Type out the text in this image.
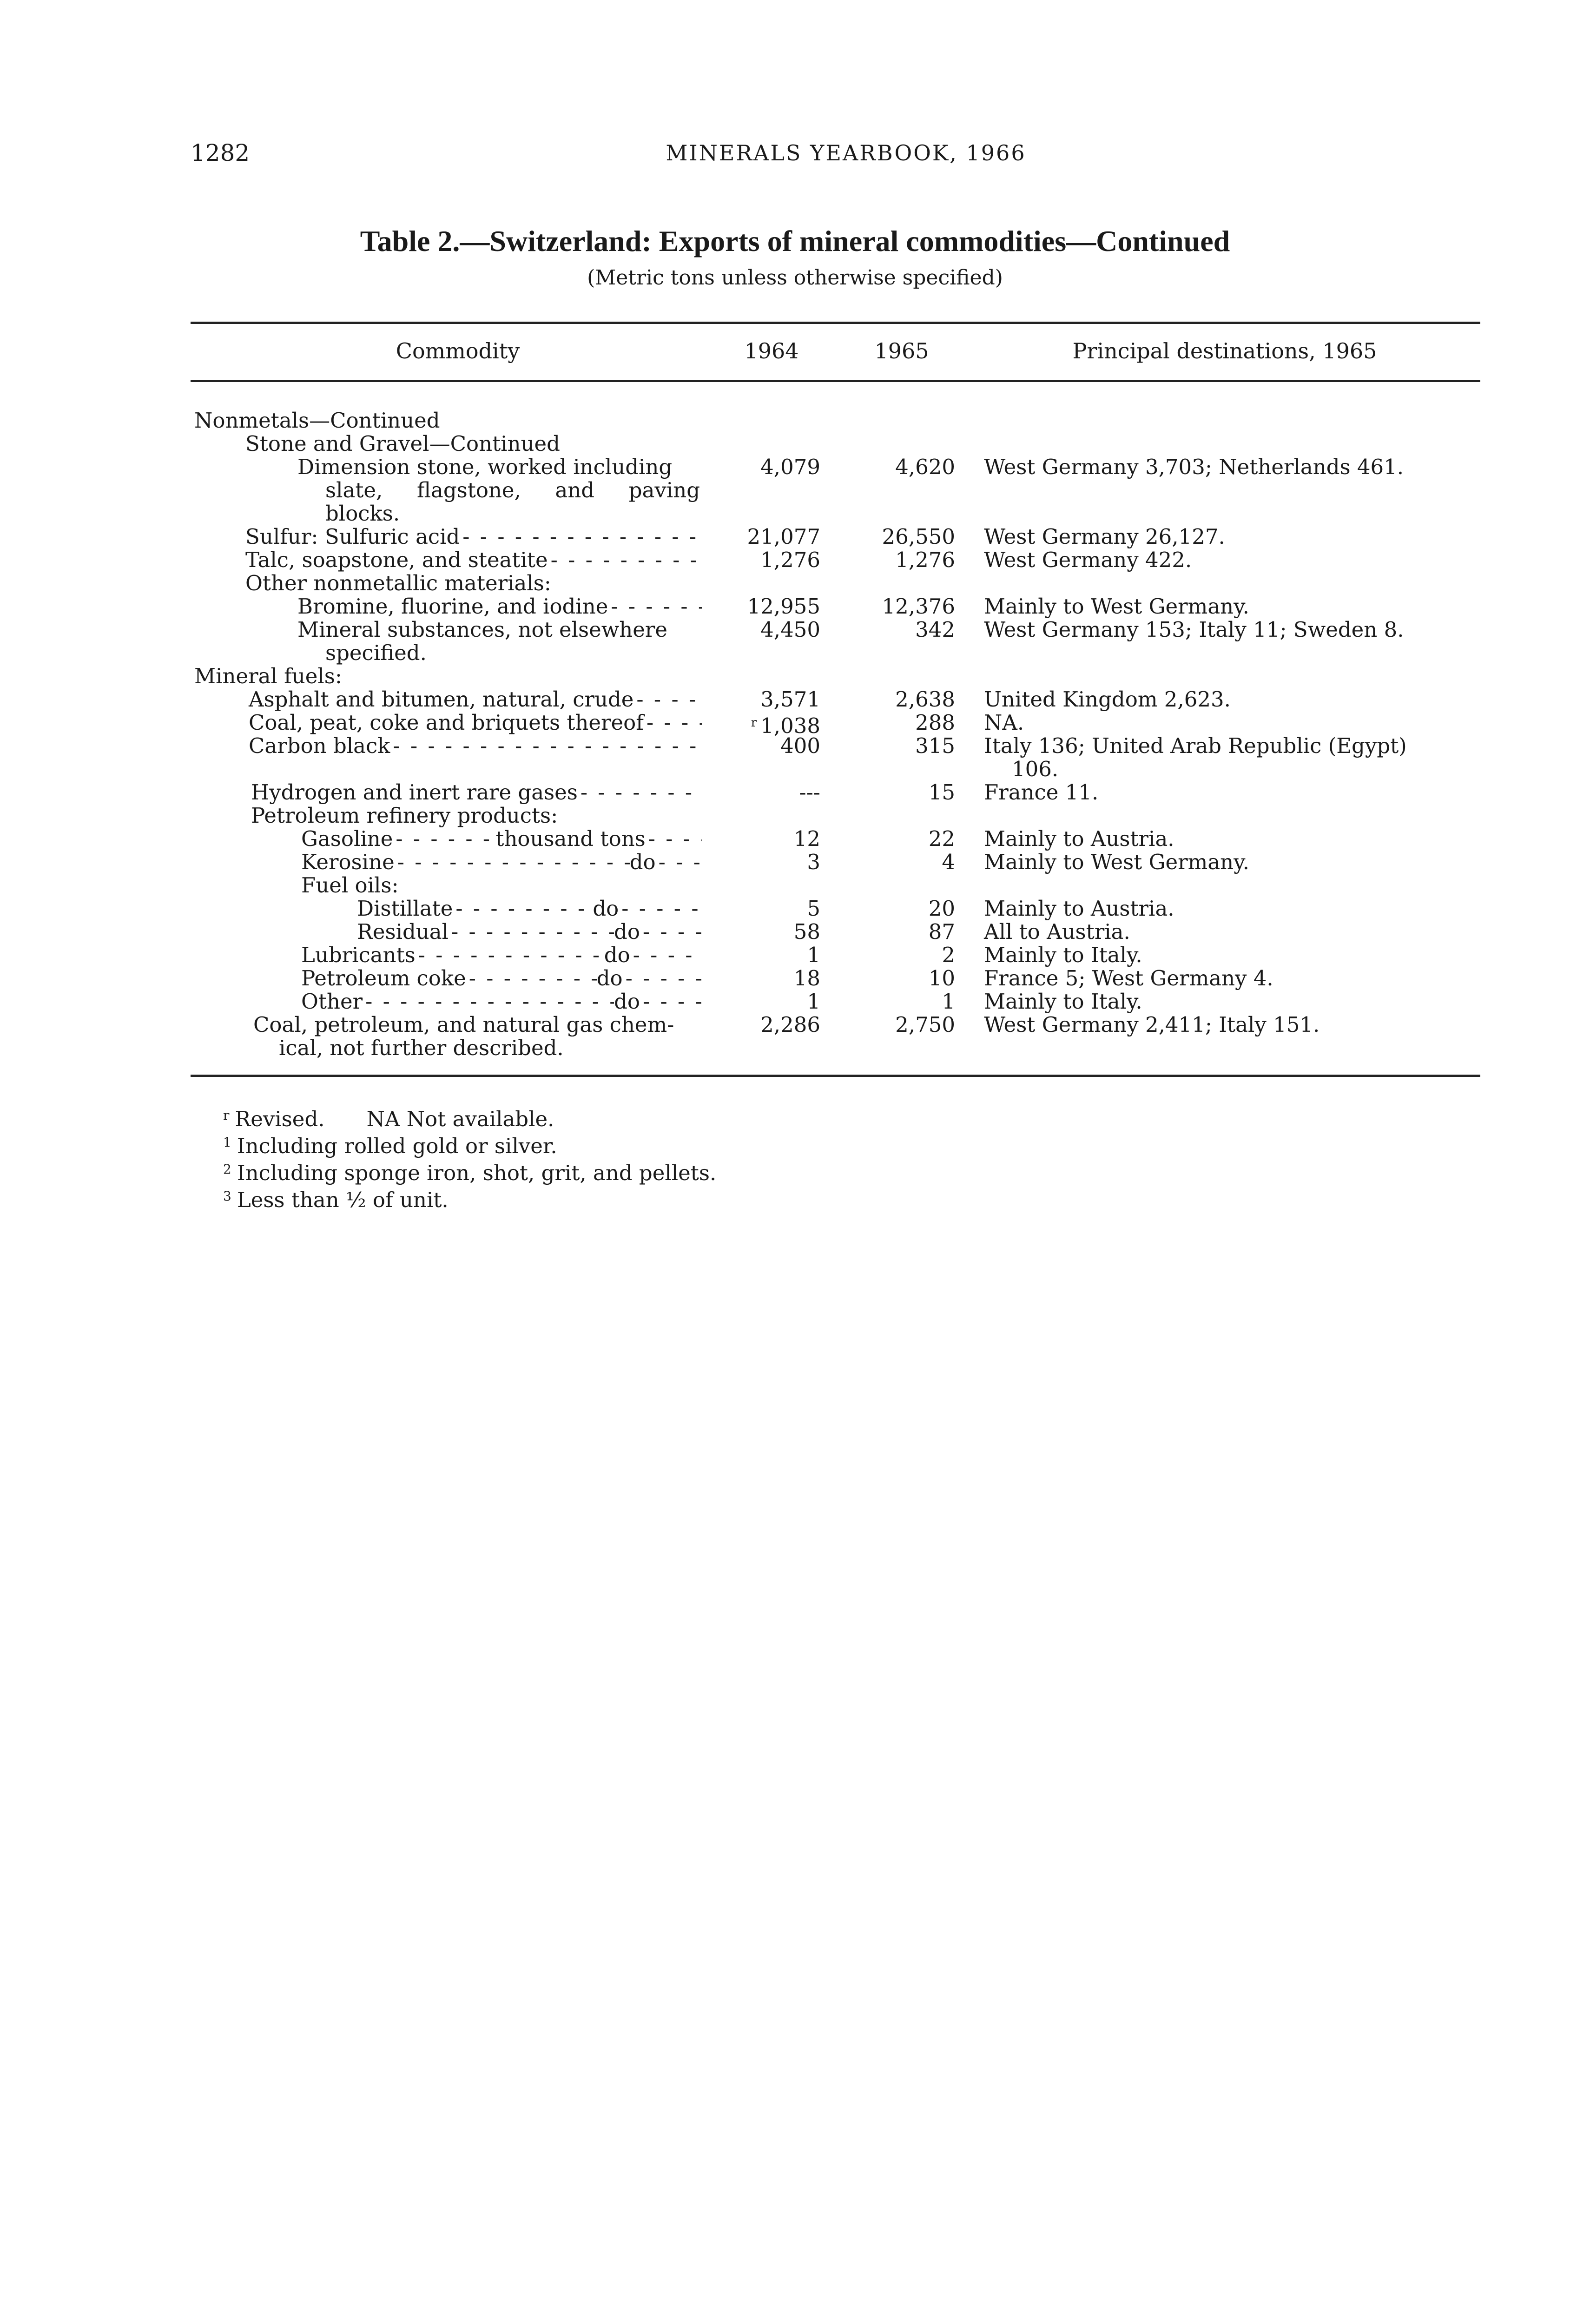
1282	MINERALS YEARBOOK, 1966
Table 2.—Switzerland: Exports of mineral commodities—Continued
(Metric tons unless otherwise specified)
Commodity	1964	1965	Principal destinations, 1965
Nonmetals—Continued
Stone and Gravel—Continued
Dimension stone, worked including
slate, flagstone, and paving
blocks.
4,079	4,620 West Germany 3,703; Netherlands 461.
Sulfur: Sulfuric acid - - -	21,077	26,550 West Germany 26,127.
Talc, soapstone, and steatite - - -	1,276	1,276 West Germany 422.
Other nonmetallic materials:
Bromine, fluorine, and iodine - - -	12,955	12,376 Mainly to West Germany.
Mineral substances, not elsewhere
specified.
4,450	342 West Germany 153; Italy 11; Sweden 8.
Mineral fuels:
Asphalt and bitumen, natural, crude - - -	3,571	2,638 United Kingdom 2,623.
Coal, peat, coke and briquets thereof - - -	$^r$ 1,038	288 NA.
Carbon black - - -	400	315 Italy 136; United Arab Republic (Egypt)
106.
Hydrogen and inert rare gases - - -	---	15 France 11.
Petroleum refinery products:
Gasoline - - -	thousand tons - - -	12	22 Mainly to Austria.
Kerosine - - -	do - - -	3	4 Mainly to West Germany.
Fuel oils:
Distillate - - -	do - - -	5	20 Mainly to Austria.
Residual - - -	do - - -	58	87 All to Austria.
Lubricants - - -	do - - -	1	2 Mainly to Italy.
Petroleum coke - - -	do - - -	18	10 France 5; West Germany 4.
Other - - -	do - - -	1	1 Mainly to Italy.
Coal, petroleum, and natural gas chem-
ical, not further described.
2,286	2,750 West Germany 2,411; Italy 151.
$^r$ Revised. NA Not available.
$^1$ Including rolled gold or silver.
$^2$ Including sponge iron, shot, grit, and pellets.
$^3$ Less than ½ of unit.
